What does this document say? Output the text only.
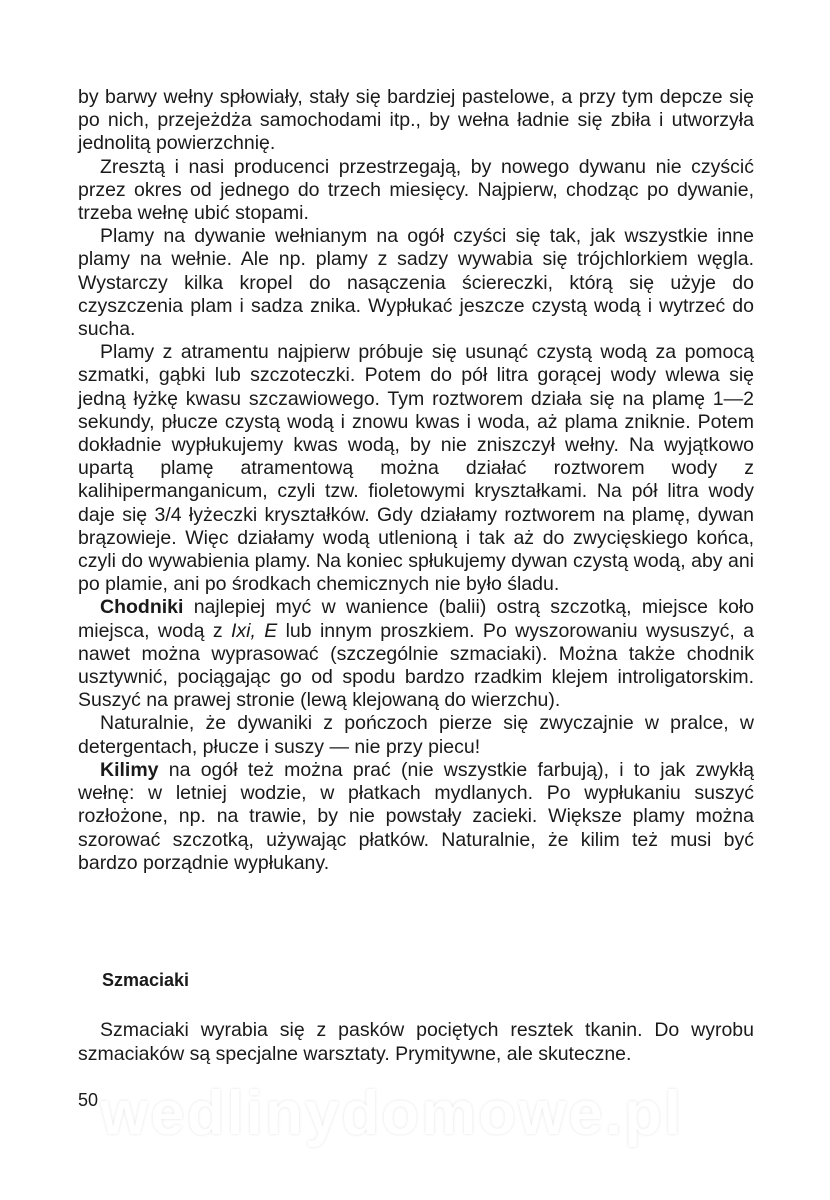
by barwy wełny spłowiały, stały się bardziej pastelowe, a przy tym depcze się po nich, przejeżdża samochodami itp., by wełna ładnie się zbiła i utworzyła jednolitą powierzchnię.

Zresztą i nasi producenci przestrzegają, by nowego dywanu nie czyścić przez okres od jednego do trzech miesięcy. Najpierw, chodząc po dywanie, trzeba wełnę ubić stopami.

Plamy na dywanie wełnianym na ogół czyści się tak, jak wszystkie inne plamy na wełnie. Ale np. plamy z sadzy wywabia się trójchlorkiem węgla. Wystarczy kilka kropel do nasączenia ściereczki, którą się użyje do czyszczenia plam i sadza znika. Wypłukać jeszcze czystą wodą i wytrzeć do sucha.

Plamy z atramentu najpierw próbuje się usunąć czystą wodą za pomocą szmatki, gąbki lub szczoteczki. Potem do pół litra gorącej wody wlewa się jedną łyżkę kwasu szczawiowego. Tym roztworem działa się na plamę 1—2 sekundy, płucze czystą wodą i znowu kwas i woda, aż plama zniknie. Potem dokładnie wypłukujemy kwas wodą, by nie zniszczył wełny. Na wyjątkowo upartą plamę atramentową można działać roztworem wody z kalihipermanganicum, czyli tzw. fioletowymi kryształkami. Na pół litra wody daje się 3/4 łyżeczki kryształków. Gdy działamy roztworem na plamę, dywan brązowieje. Więc działamy wodą utlenioną i tak aż do zwycięskiego końca, czyli do wywabienia plamy. Na koniec spłukujemy dywan czystą wodą, aby ani po plamie, ani po środkach chemicznych nie było śladu.

Chodniki najlepiej myć w wanience (balii) ostrą szczotką, miejsce koło miejsca, wodą z Ixi, E lub innym proszkiem. Po wyszorowaniu wysuszyć, a nawet można wyprasować (szczególnie szmaciaki). Można także chodnik usztywnić, pociągając go od spodu bardzo rzadkim klejem introligatorskim. Suszyć na prawej stronie (lewą klejowaną do wierzchu).

Naturalnie, że dywaniki z pończoch pierze się zwyczajnie w pralce, w detergentach, płucze i suszy — nie przy piecu!

Kilimy na ogół też można prać (nie wszystkie farbują), i to jak zwykłą wełnę: w letniej wodzie, w płatkach mydlanych. Po wypłukaniu suszyć rozłożone, np. na trawie, by nie powstały zacieki. Większe plamy można szorować szczotką, używając płatków. Naturalnie, że kilim też musi być bardzo porządnie wypłukany.

Szmaciaki

Szmaciaki wyrabia się z pasków pociętych resztek tkanin. Do wyrobu szmaciaków są specjalne warsztaty. Prymitywne, ale skuteczne.

wedlinydomowe.pl

50
